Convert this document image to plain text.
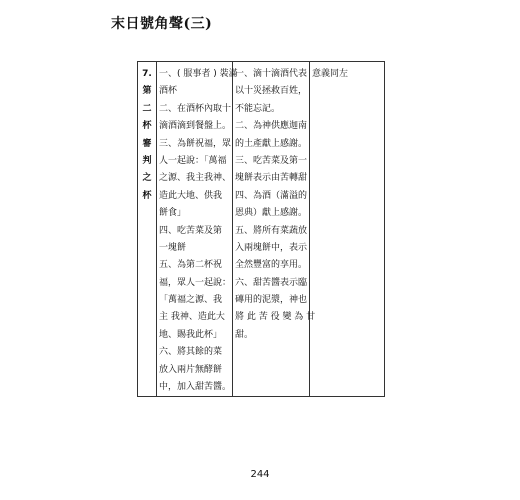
末日號角聲(三)
7.
第
二
杯
審
判
之
杯
一、( 服事者 ) 裝滿
酒杯
二、在酒杯內取十
滴酒滴到餐盤上。
三、為餅祝福，眾
人一起說：「萬福
之源、我主我神、
造此大地、供我
餅食」
四、吃苦菜及第
一塊餅
五、為第二杯祝
福，眾人一起說：
「萬福之源、我
主 我神、造此大
地、賜我此杯」
六、將其餘的菜
放入兩片無酵餅
中，加入甜苦醬。
一、滴十滴酒代表
以十災拯救百姓，
不能忘記。
二、為神供應迦南
的土產獻上感謝。
三、吃苦菜及第一
塊餅表示由苦轉甜
四、為酒（滿溢的
恩典）獻上感謝。
五、將所有菜蔬放
入兩塊餅中，表示
全然豐富的享用。
六、甜苦醬表示臨
磚用的泥漿，神也
將 此 苦 役 變 為 甘
甜。
意義同左
244
